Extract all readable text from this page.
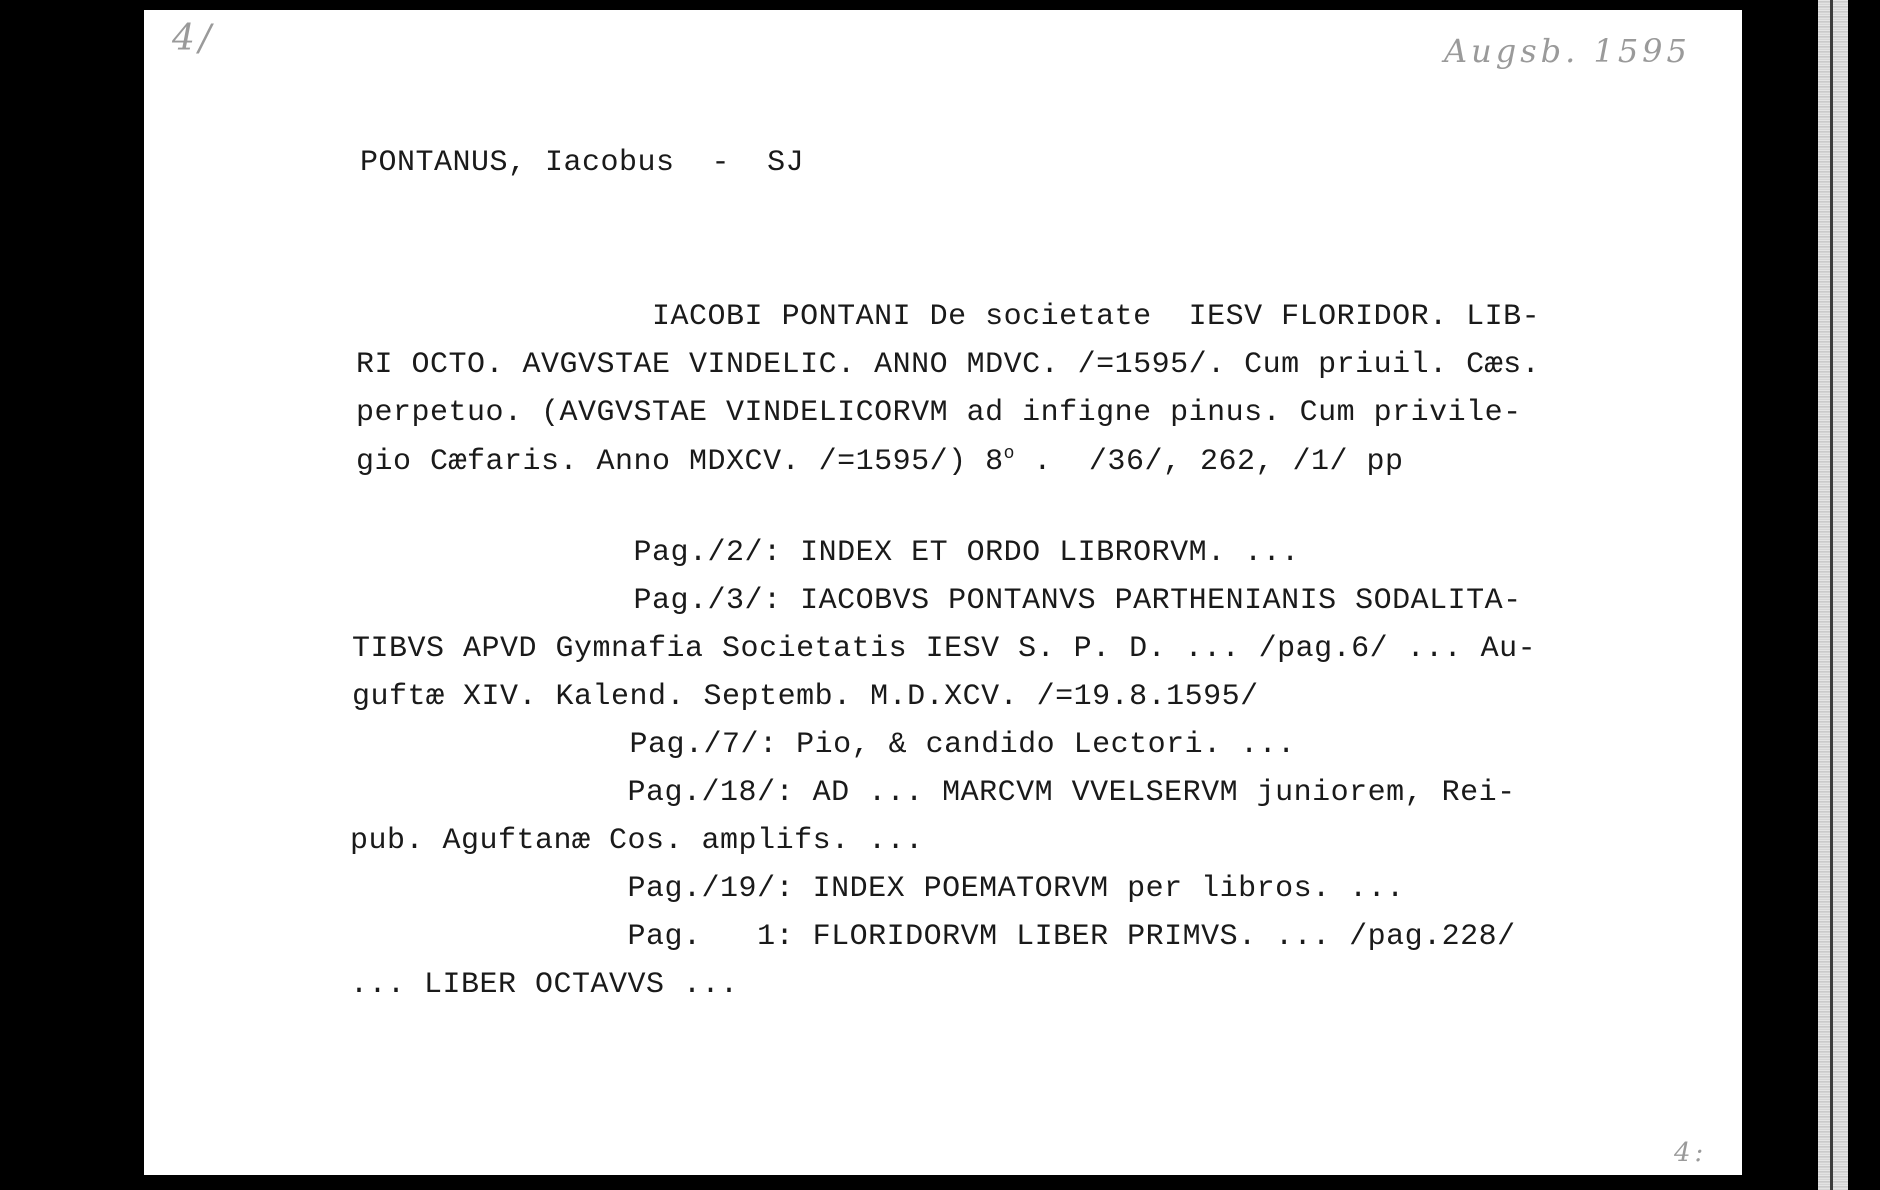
4/	Augsb. 1595
PONTANUS, Iacobus  -  SJ
IACOBI PONTANI De societate  IESV FLORIDOR. LIB-
RI OCTO. AVGVSTAE VINDELIC. ANNO MDVC. /=1595/. Cum priuil. Cæs.
perpetuo. (AVGVSTAE VINDELICORVM ad infigne pinus. Cum privile-
gio Cæfaris. Anno MDXCV. /=1595/) 8$^o$ .  /36/, 262, /1/ pp
Pag./2/: INDEX ET ORDO LIBRORVM. ...
Pag./3/: IACOBVS PONTANVS PARTHENIANIS SODALITA-
TIBVS APVD Gymnafia Societatis IESV S. P. D. ... /pag.6/ ... Au-
guftæ XIV. Kalend. Septemb. M.D.XCV. /=19.8.1595/
Pag./7/: Pio, & candido Lectori. ...
Pag./18/: AD ... MARCVM VVELSERVM juniorem, Rei-
pub. Aguftanæ Cos. amplifs. ...
Pag./19/: INDEX POEMATORVM per libros. ...
Pag.   1: FLORIDORVM LIBER PRIMVS. ... /pag.228/
... LIBER OCTAVVS ...
4:
